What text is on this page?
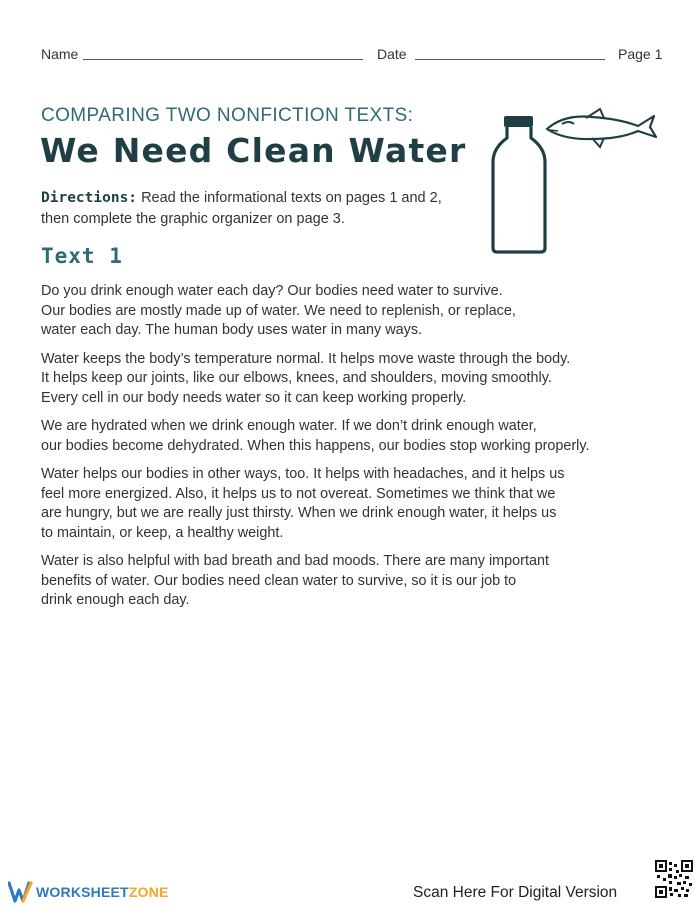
Name	Date	Page 1
COMPARING TWO NONFICTION TEXTS:
We Need Clean Water
Directions: Read the informational texts on pages 1 and 2,
then complete the graphic organizer on page 3.
Text 1

Do you drink enough water each day? Our bodies need water to survive.
Our bodies are mostly made up of water. We need to replenish, or replace,
water each day. The human body uses water in many ways.

Water keeps the body’s temperature normal. It helps move waste through the body.
It helps keep our joints, like our elbows, knees, and shoulders, moving smoothly.
Every cell in our body needs water so it can keep working properly.

We are hydrated when we drink enough water. If we don’t drink enough water,
our bodies become dehydrated. When this happens, our bodies stop working properly.

Water helps our bodies in other ways, too. It helps with headaches, and it helps us
feel more energized. Also, it helps us to not overeat. Sometimes we think that we
are hungry, but we are really just thirsty. When we drink enough water, it helps us
to maintain, or keep, a healthy weight.

Water is also helpful with bad breath and bad moods. There are many important
benefits of water. Our bodies need clean water to survive, so it is our job to
drink enough each day.

WORKSHEETZONE	Scan Here For Digital Version
